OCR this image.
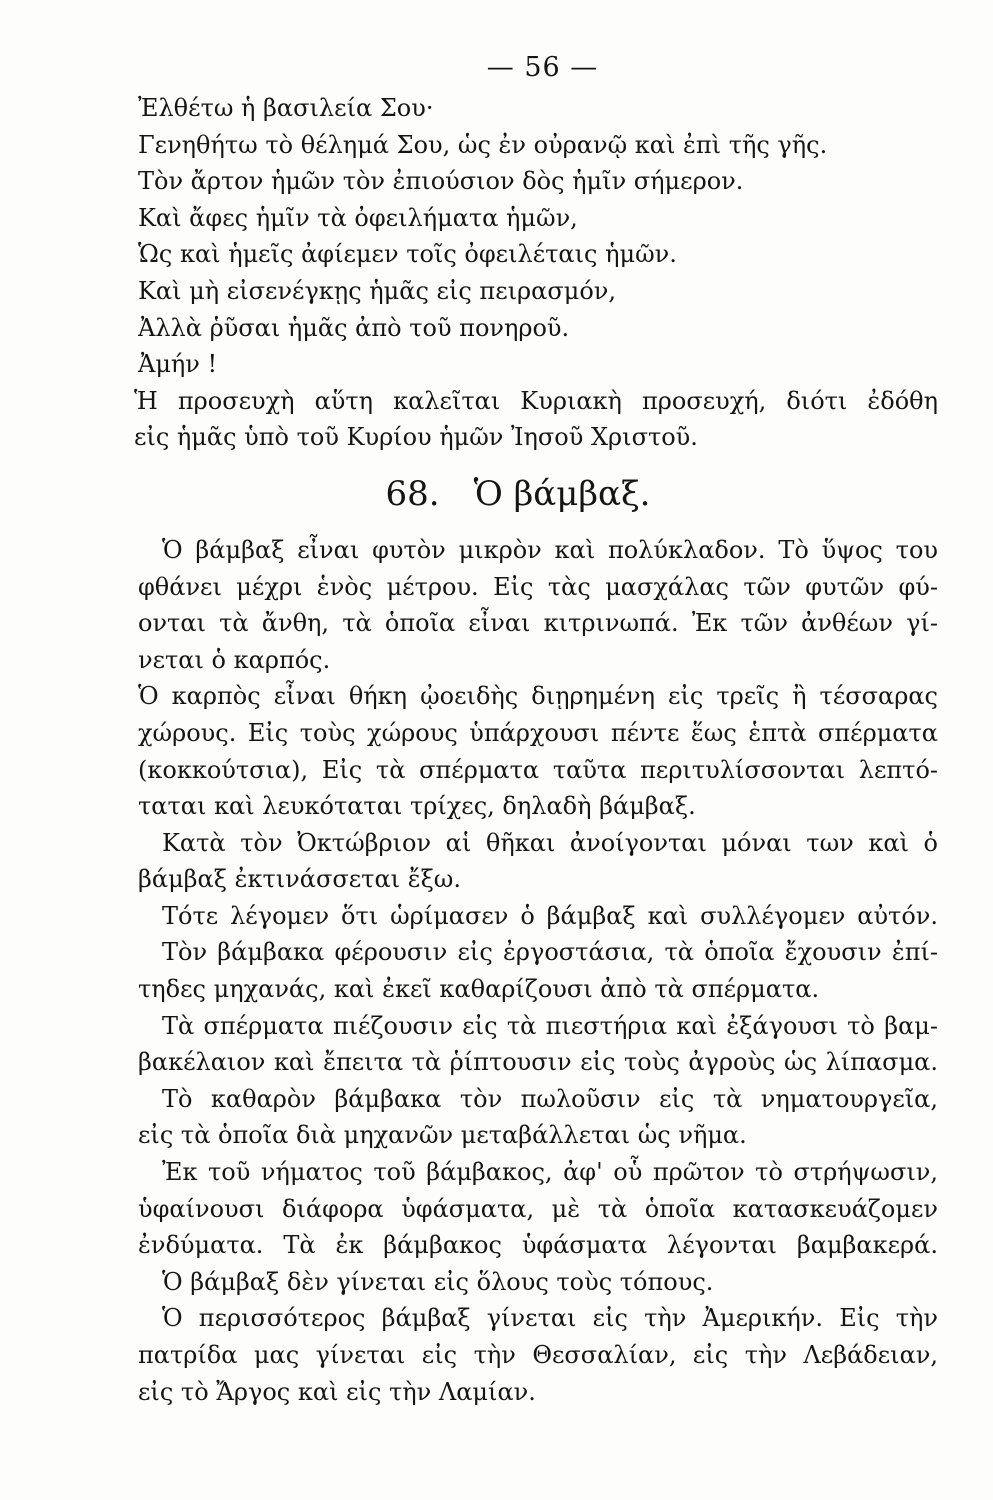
— 56 —
Ἐλθέτω ἡ βασιλεία Σου·
Γενηθήτω τὸ θέλημά Σου, ὡς ἐν οὐρανῷ καὶ ἐπὶ τῆς γῆς.
Τὸν ἄρτον ἡμῶν τὸν ἐπιούσιον δὸς ἡμῖν σήμερον.
Καὶ ἄφες ἡμῖν τὰ ὀφειλήματα ἡμῶν,
Ὡς καὶ ἡμεῖς ἀφίεμεν τοῖς ὀφειλέταις ἡμῶν.
Καὶ μὴ εἰσενέγκῃς ἡμᾶς εἰς πειρασμόν,
Ἀλλὰ ῥῦσαι ἡμᾶς ἀπὸ τοῦ πονηροῦ.
Ἀμήν !
Ἡ προσευχὴ αὕτη καλεῖται Κυριακὴ προσευχή, διότι ἐδόθη
εἰς ἡμᾶς ὑπὸ τοῦ Κυρίου ἡμῶν Ἰησοῦ Χριστοῦ.
68. Ὁ βάμβαξ.
Ὁ βάμβαξ εἶναι φυτὸν μικρὸν καὶ πολύκλαδον. Τὸ ὕψος του
φθάνει μέχρι ἑνὸς μέτρου. Εἰς τὰς μασχάλας τῶν φυτῶν φύ-
ονται τὰ ἄνθη, τὰ ὁποῖα εἶναι κιτρινωπά. Ἐκ τῶν ἀνθέων γί-
νεται ὁ καρπός.
Ὁ καρπὸς εἶναι θήκη ᾠοειδὴς διῃρημένη εἰς τρεῖς ἢ τέσσαρας
χώρους. Εἰς τοὺς χώρους ὑπάρχουσι πέντε ἕως ἑπτὰ σπέρματα
(κοκκούτσια), Εἰς τὰ σπέρματα ταῦτα περιτυλίσσονται λεπτό-
ταται καὶ λευκόταται τρίχες, δηλαδὴ βάμβαξ.
Κατὰ τὸν Ὀκτώβριον αἱ θῆκαι ἀνοίγονται μόναι των καὶ ὁ
βάμβαξ ἐκτινάσσεται ἔξω.
Τότε λέγομεν ὅτι ὡρίμασεν ὁ βάμβαξ καὶ συλλέγομεν αὐτόν.
Τὸν βάμβακα φέρουσιν εἰς ἐργοστάσια, τὰ ὁποῖα ἔχουσιν ἐπί-
τηδες μηχανάς, καὶ ἐκεῖ καθαρίζουσι ἀπὸ τὰ σπέρματα.
Τὰ σπέρματα πιέζουσιν εἰς τὰ πιεστήρια καὶ ἐξάγουσι τὸ βαμ-
βακέλαιον καὶ ἔπειτα τὰ ῥίπτουσιν εἰς τοὺς ἀγροὺς ὡς λίπασμα.
Τὸ καθαρὸν βάμβακα τὸν πωλοῦσιν εἰς τὰ νηματουργεῖα,
εἰς τὰ ὁποῖα διὰ μηχανῶν μεταβάλλεται ὡς νῆμα.
Ἐκ τοῦ νήματος τοῦ βάμβακος, ἀφ' οὗ πρῶτον τὸ στρήψωσιν,
ὑφαίνουσι διάφορα ὑφάσματα, μὲ τὰ ὁποῖα κατασκευάζομεν
ἐνδύματα. Τὰ ἐκ βάμβακος ὑφάσματα λέγονται βαμβακερά.
Ὁ βάμβαξ δὲν γίνεται εἰς ὅλους τοὺς τόπους.
Ὁ περισσότερος βάμβαξ γίνεται εἰς τὴν Ἀμερικήν. Εἰς τὴν
πατρίδα μας γίνεται εἰς τὴν Θεσσαλίαν, εἰς τὴν Λεβάδειαν,
εἰς τὸ Ἄργος καὶ εἰς τὴν Λαμίαν.
